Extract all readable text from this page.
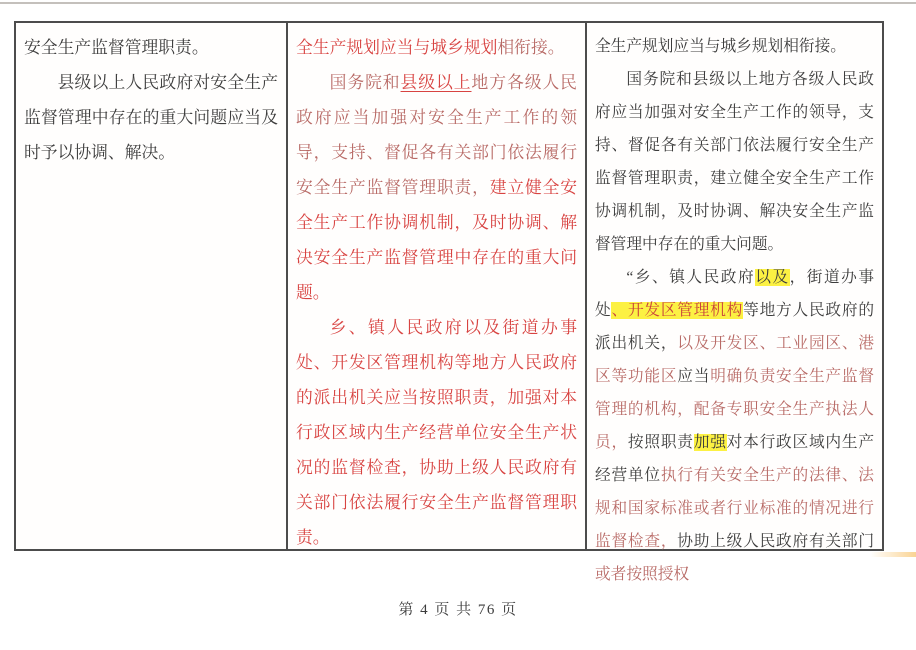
安全生产监督管理职责。

县级以上人民政府对安全生产监督管理中存在的重大问题应当及时予以协调、解决。

全生产规划应当与城乡规划相衔接。

国务院和县级以上地方各级人民政府应当加强对安全生产工作的领导，支持、督促各有关部门依法履行安全生产监督管理职责，建立健全安全生产工作协调机制，及时协调、解决安全生产监督管理中存在的重大问题。

乡、镇人民政府以及街道办事处、开发区管理机构等地方人民政府的派出机关应当按照职责，加强对本行政区域内生产经营单位安全生产状况的监督检查，协助上级人民政府有关部门依法履行安全生产监督管理职责。

全生产规划应当与城乡规划相衔接。

国务院和县级以上地方各级人民政府应当加强对安全生产工作的领导，支持、督促各有关部门依法履行安全生产监督管理职责，建立健全安全生产工作协调机制，及时协调、解决安全生产监督管理中存在的重大问题。

“乡、镇人民政府以及，街道办事处、开发区管理机构等地方人民政府的派出机关，以及开发区、工业园区、港区等功能区应当明确负责安全生产监督管理的机构，配备专职安全生产执法人员，按照职责加强对本行政区域内生产经营单位执行有关安全生产的法律、法规和国家标准或者行业标准的情况进行监督检查，协助上级人民政府有关部门或者按照授权

第 4 页 共 76 页
